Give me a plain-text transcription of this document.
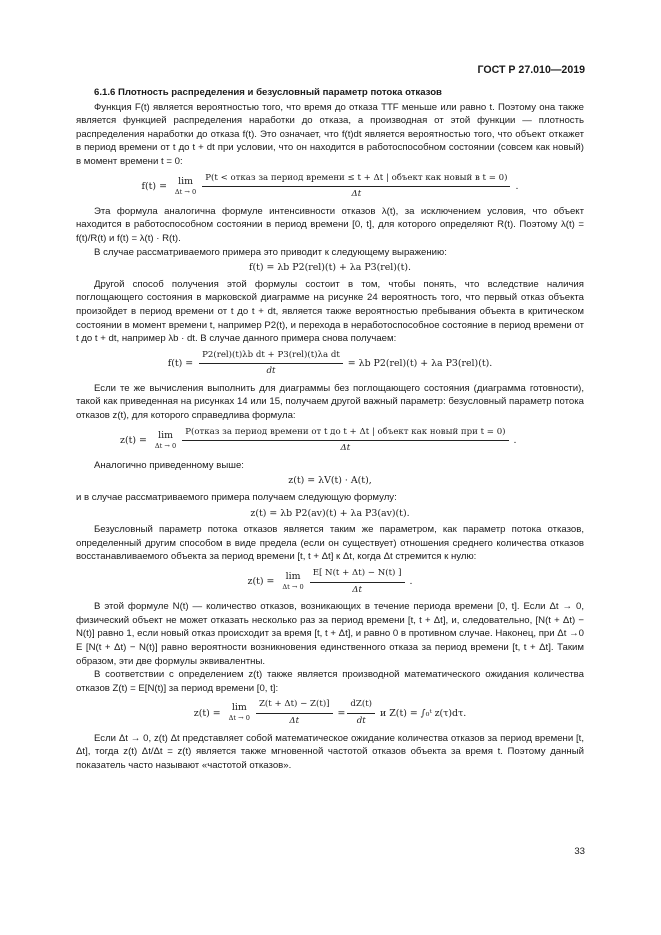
ГОСТ Р 27.010—2019

6.1.6 Плотность распределения и безусловный параметр потока отказов

Функция F(t) является вероятностью того, что время до отказа TTF меньше или равно t. Поэтому она также является функцией распределения наработки до отказа, а производная от этой функции — плотность распределения наработки до отказа f(t). Это означает, что f(t)dt является вероятностью того, что объект откажет в период времени от t до t + dt при условии, что он находится в работоспособном состоянии (совсем как новый) в момент времени t = 0:

f(t) = lim
Δt → 0
P(t < отказ за период времени ≤ t + Δt | объект как новый в t = 0)
Δt
.

Эта формула аналогична формуле интенсивности отказов λ(t), за исключением условия, что объект находится в работоспособном состоянии в период времени [0, t], для которого определяют R(t). Поэтому λ(t) = f(t)/R(t) и f(t) = λ(t) · R(t).

В случае рассматриваемого примера это приводит к следующему выражению:

f(t) = λb P2(rel)(t) + λa P3(rel)(t).

Другой способ получения этой формулы состоит в том, чтобы понять, что вследствие наличия поглощающего состояния в марковской диаграмме на рисунке 24 вероятность того, что первый отказ объекта произойдет в период времени от t до t + dt, является также вероятностью пребывания объекта в критическом состоянии в момент времени t, например P2(t), и перехода в неработоспособное состояние в период времени от t до t + dt, например λb · dt. В случае данного примера снова получаем:

$f(t) = \frac{\text{P2(rel)(t)λb dt + P3(rel)(t)λa dt}}{dt} = \lambda b$ P2(rel)(t) + λa P3(rel)(t).

Если те же вычисления выполнить для диаграммы без поглощающего состояния (диаграмма готовности), такой как приведенная на рисунках 14 или 15, получаем другой важный параметр: безусловный параметр потока отказов z(t), для которого справедлива формула:

z(t) = lim
Δt → 0
P(отказ за период времени от t до t + Δt | объект как новый при t = 0)
Δt
.

Аналогично приведенному выше:

z(t) = λV(t) · A(t),

и в случае рассматриваемого примера получаем следующую формулу:

z(t) = λb P2(av)(t) + λa P3(av)(t).

Безусловный параметр потока отказов является таким же параметром, как параметр потока отказов, определенный другим способом в виде предела (если он существует) отношения среднего количества отказов восстанавливаемого объекта за период времени [t, t + Δt] к Δt, когда Δt стремится к нулю:

z(t) = lim
$\Delta t \to 0 \frac{E[ N(t + \Delta t) - N(t) ]}{\Delta t}$ .

В этой формуле N(t) — количество отказов, возникающих в течение периода времени [0, t]. Если Δt → 0, физический объект не может отказать несколько раз за период времени [t, t + Δt], и, следовательно, [N(t + Δt) − N(t)] равно 1, если новый отказ происходит за время [t, t + Δt], и равно 0 в противном случае. Наконец, при Δt →0 E [N(t + Δt) − N(t)] равно вероятности возникновения единственного отказа за период времени [t, t + Δt]. Таким образом, эти две формулы эквивалентны.

В соответствии с определением z(t) также является производной математического ожидания количества отказов Z(t) = E[N(t)] за период времени [0, t]:

z(t) = lim
$\Delta t \to 0 \frac{Z(t + \Delta t) - Z(t)]}{\Delta t} = \frac{dZ(t)}{dt}$ и Z(t) = ∫₀ᵗ z(τ)dτ.

Если Δt → 0, z(t) Δt представляет собой математическое ожидание количества отказов за период времени [t, Δt], тогда z(t) Δt/Δt = z(t) является также мгновенной частотой отказов объекта за время t. Поэтому данный показатель часто называют «частотой отказов».

33
